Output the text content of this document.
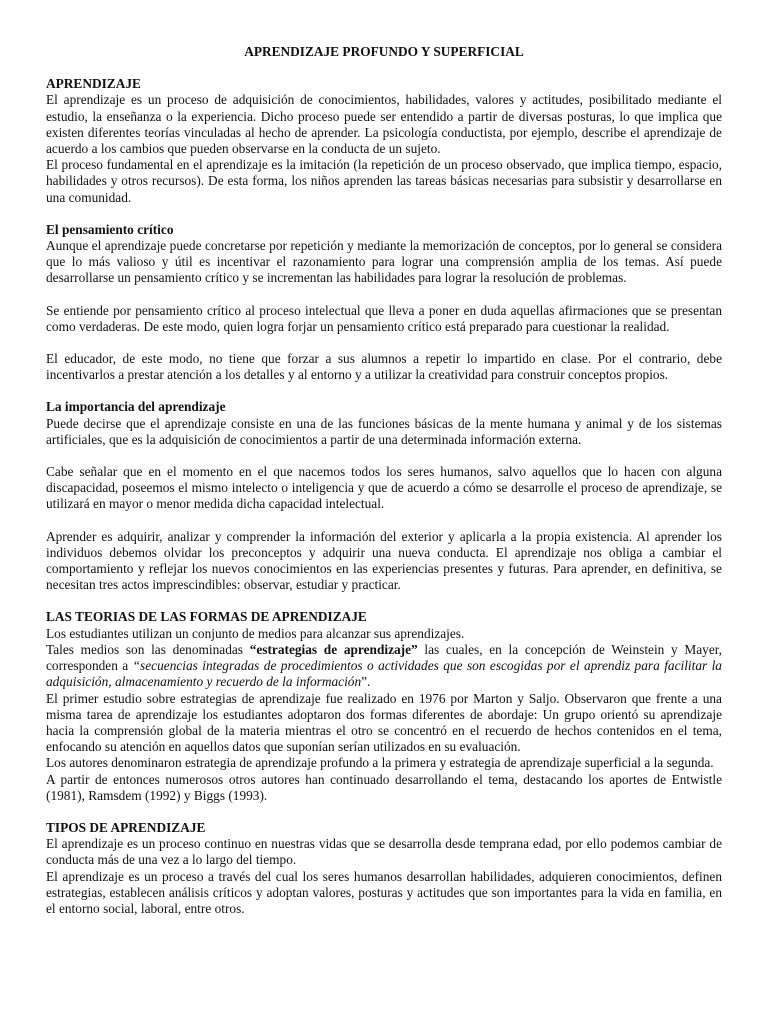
APRENDIZAJE PROFUNDO Y SUPERFICIAL
APRENDIZAJE

El aprendizaje es un proceso de adquisición de conocimientos, habilidades, valores y actitudes, posibilitado mediante el estudio, la enseñanza o la experiencia. Dicho proceso puede ser entendido a partir de diversas posturas, lo que implica que existen diferentes teorías vinculadas al hecho de aprender. La psicología conductista, por ejemplo, describe el aprendizaje de acuerdo a los cambios que pueden observarse en la conducta de un sujeto.

El proceso fundamental en el aprendizaje es la imitación (la repetición de un proceso observado, que implica tiempo, espacio, habilidades y otros recursos). De esta forma, los niños aprenden las tareas básicas necesarias para subsistir y desarrollarse en una comunidad.

El pensamiento crítico

Aunque el aprendizaje puede concretarse por repetición y mediante la memorización de conceptos, por lo general se considera que lo más valioso y útil es incentivar el razonamiento para lograr una comprensión amplia de los temas. Así puede desarrollarse un pensamiento crítico y se incrementan las habilidades para lograr la resolución de problemas.

Se entiende por pensamiento crítico al proceso intelectual que lleva a poner en duda aquellas afirmaciones que se presentan como verdaderas. De este modo, quien logra forjar un pensamiento crítico está preparado para cuestionar la realidad.

El educador, de este modo, no tiene que forzar a sus alumnos a repetir lo impartido en clase. Por el contrario, debe incentivarlos a prestar atención a los detalles y al entorno y a utilizar la creatividad para construir conceptos propios.

La importancia del aprendizaje

Puede decirse que el aprendizaje consiste en una de las funciones básicas de la mente humana y animal y de los sistemas artificiales, que es la adquisición de conocimientos a partir de una determinada información externa.

Cabe señalar que en el momento en el que nacemos todos los seres humanos, salvo aquellos que lo hacen con alguna discapacidad, poseemos el mismo intelecto o inteligencia y que de acuerdo a cómo se desarrolle el proceso de aprendizaje, se utilizará en mayor o menor medida dicha capacidad intelectual.

Aprender es adquirir, analizar y comprender la información del exterior y aplicarla a la propia existencia. Al aprender los individuos debemos olvidar los preconceptos y adquirir una nueva conducta. El aprendizaje nos obliga a cambiar el comportamiento y reflejar los nuevos conocimientos en las experiencias presentes y futuras. Para aprender, en definitiva, se necesitan tres actos imprescindibles: observar, estudiar y practicar.

LAS TEORIAS DE LAS FORMAS DE APRENDIZAJE

Los estudiantes utilizan un conjunto de medios para alcanzar sus aprendizajes.

Tales medios son las denominadas “estrategias de aprendizaje” las cuales, en la concepción de Weinstein y Mayer, corresponden a “secuencias integradas de procedimientos o actividades que son escogidas por el aprendiz para facilitar la adquisición, almacenamiento y recuerdo de la información”.

El primer estudio sobre estrategias de aprendizaje fue realizado en 1976 por Marton y Saljo. Observaron que frente a una misma tarea de aprendizaje los estudiantes adoptaron dos formas diferentes de abordaje: Un grupo orientó su aprendizaje hacia la comprensión global de la materia mientras el otro se concentró en el recuerdo de hechos contenidos en el tema, enfocando su atención en aquellos datos que suponían serían utilizados en su evaluación.

Los autores denominaron estrategia de aprendizaje profundo a la primera y estrategia de aprendizaje superficial a la segunda.

A partir de entonces numerosos otros autores han continuado desarrollando el tema, destacando los aportes de Entwistle (1981), Ramsdem (1992) y Biggs (1993).

TIPOS DE APRENDIZAJE

El aprendizaje es un proceso continuo en nuestras vidas que se desarrolla desde temprana edad, por ello podemos cambiar de conducta más de una vez a lo largo del tiempo.

El aprendizaje es un proceso a través del cual los seres humanos desarrollan habilidades, adquieren conocimientos, definen estrategias, establecen análisis críticos y adoptan valores, posturas y actitudes que son importantes para la vida en familia, en el entorno social, laboral, entre otros.
